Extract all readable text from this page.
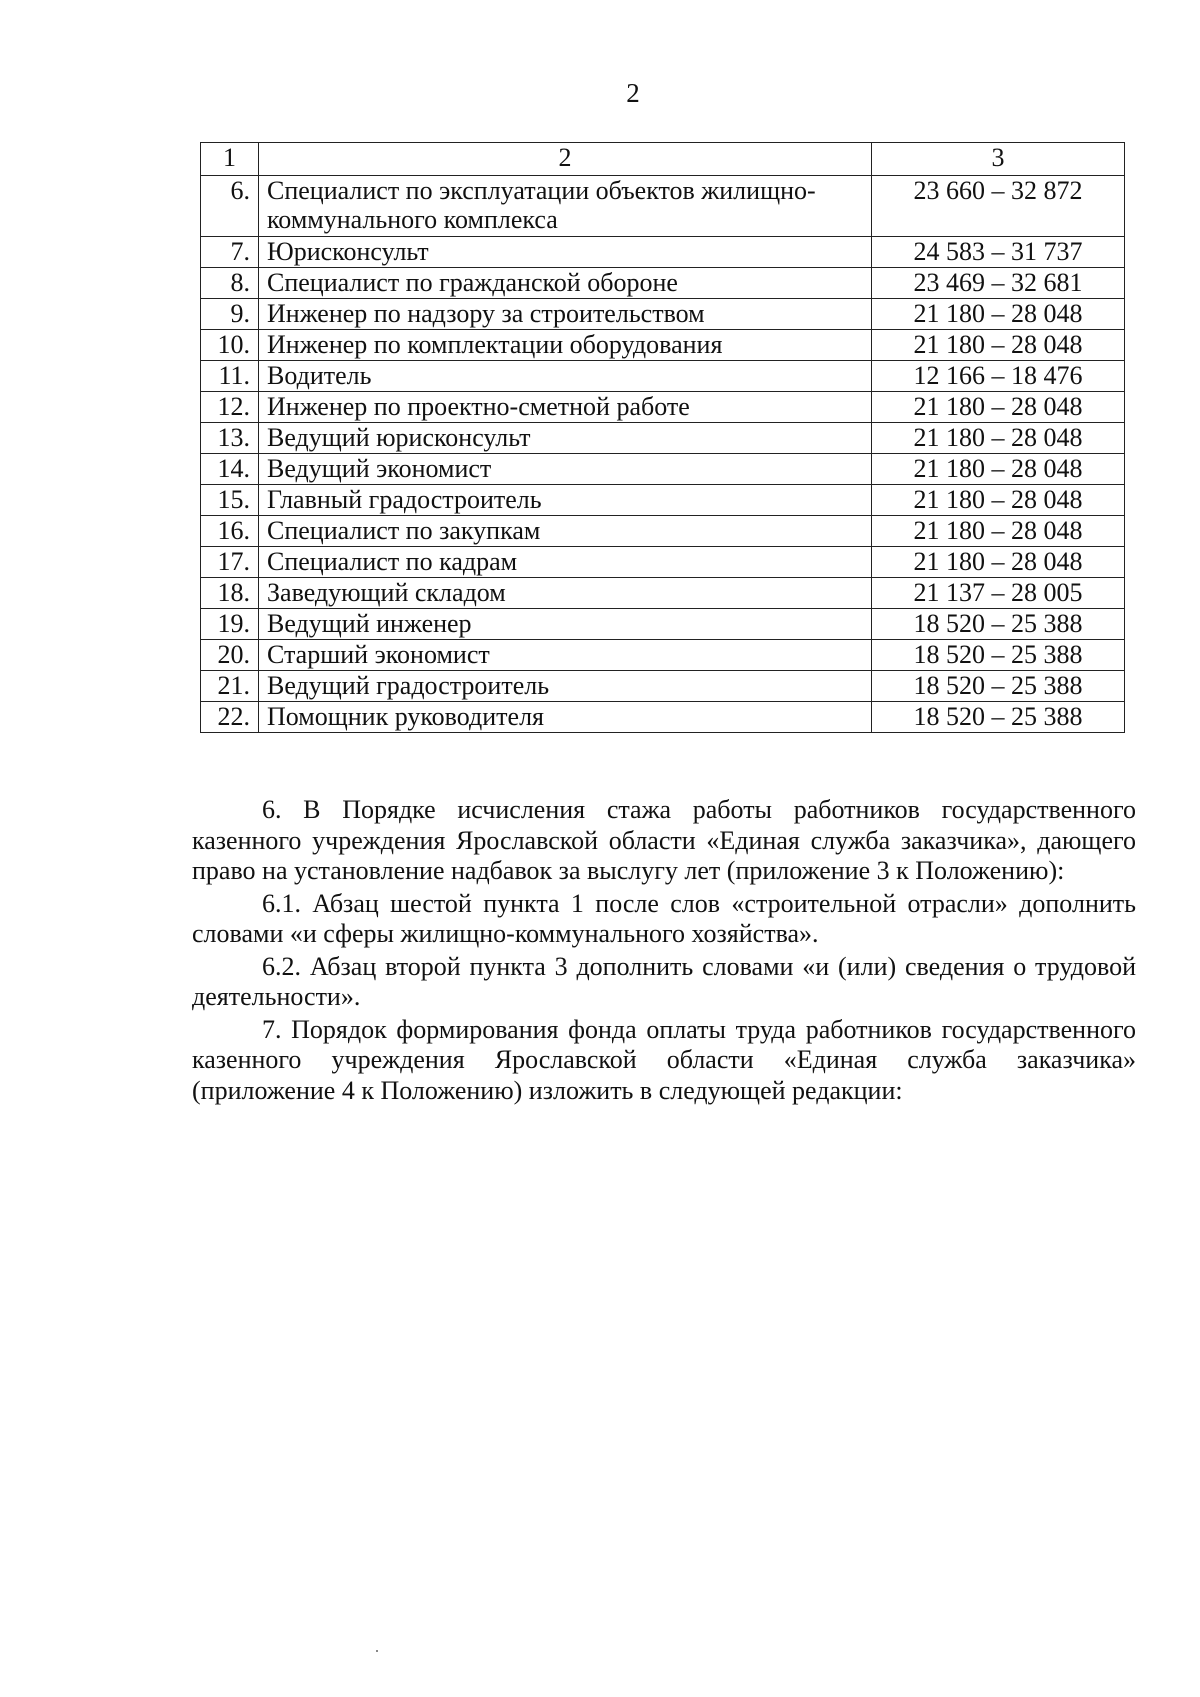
2
1	2	3
6.	Специалист по эксплуатации объектов жилищно-коммунального комплекса	23 660 – 32 872
7.	Юрисконсульт	24 583 – 31 737
8.	Специалист по гражданской обороне	23 469 – 32 681
9.	Инженер по надзору за строительством	21 180 – 28 048
10.	Инженер по комплектации оборудования	21 180 – 28 048
11.	Водитель	12 166 – 18 476
12.	Инженер по проектно-сметной работе	21 180 – 28 048
13.	Ведущий юрисконсульт	21 180 – 28 048
14.	Ведущий экономист	21 180 – 28 048
15.	Главный градостроитель	21 180 – 28 048
16.	Специалист по закупкам	21 180 – 28 048
17.	Специалист по кадрам	21 180 – 28 048
18.	Заведующий складом	21 137 – 28 005
19.	Ведущий инженер	18 520 – 25 388
20.	Старший экономист	18 520 – 25 388
21.	Ведущий градостроитель	18 520 – 25 388
22.	Помощник руководителя	18 520 – 25 388

6. В Порядке исчисления стажа работы работников государственного казенного учреждения Ярославской области «Единая служба заказчика», дающего право на установление надбавок за выслугу лет (приложение 3 к Положению):

6.1. Абзац шестой пункта 1 после слов «строительной отрасли» дополнить словами «и сферы жилищно-коммунального хозяйства».

6.2. Абзац второй пункта 3 дополнить словами «и (или) сведения о трудовой деятельности».

7. Порядок формирования фонда оплаты труда работников государственного казенного учреждения Ярославской области «Единая служба заказчика» (приложение 4 к Положению) изложить в следующей редакции:
